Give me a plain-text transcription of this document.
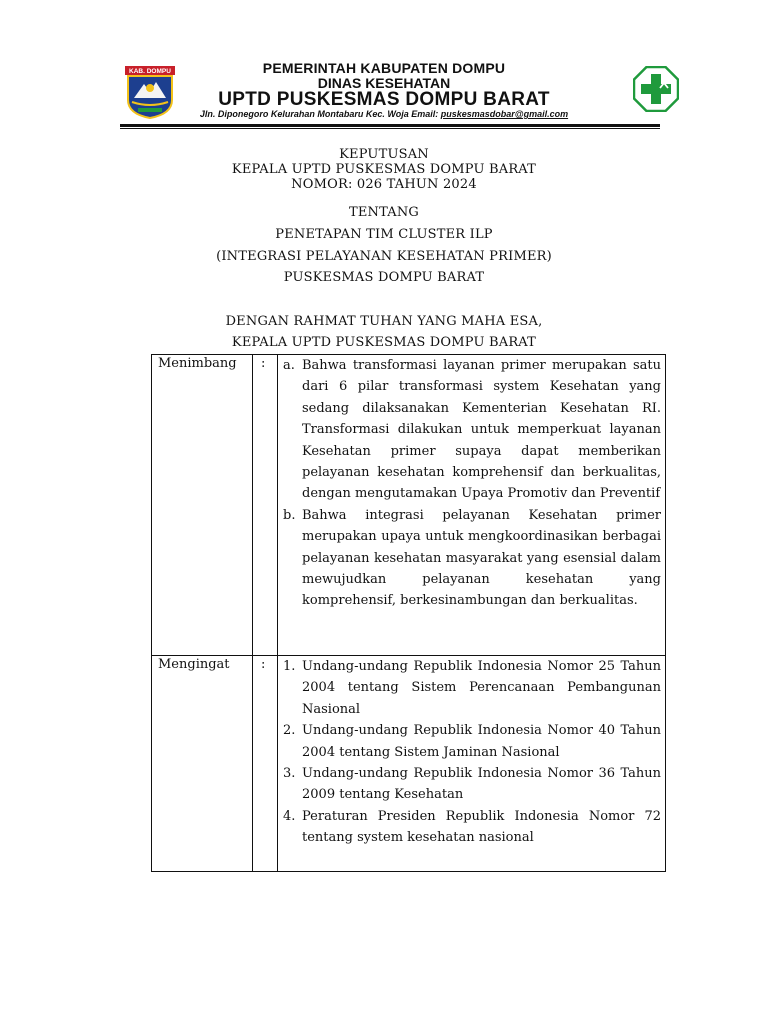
KAB. DOMPU	PEMERINTAH KABUPATEN DOMPU
DINAS KESEHATAN
UPTD PUSKESMAS DOMPU BARAT
Jln. Diponegoro Kelurahan Montabaru Kec. Woja Email: puskesmasdobar@gmail.com
KEPUTUSAN
KEPALA UPTD PUSKESMAS DOMPU BARAT
NOMOR: 026 TAHUN 2024
TENTANG
PENETAPAN TIM CLUSTER ILP
(INTEGRASI PELAYANAN KESEHATAN PRIMER)
PUSKESMAS DOMPU BARAT
DENGAN RAHMAT TUHAN YANG MAHA ESA,
KEPALA UPTD PUSKESMAS DOMPU BARAT
Menimbang : a. Bahwa transformasi layanan primer merupakan satu dari 6 pilar transformasi system Kesehatan yang sedang dilaksanakan Kementerian Kesehatan RI. Transformasi dilakukan untuk memperkuat layanan Kesehatan primer supaya dapat memberikan pelayanan kesehatan komprehensif dan berkualitas, dengan mengutamakan Upaya Promotiv dan Preventif
b. Bahwa integrasi pelayanan Kesehatan primer merupakan upaya untuk mengkoordinasikan berbagai pelayanan kesehatan masyarakat yang esensial dalam mewujudkan pelayanan kesehatan yang komprehensif, berkesinambungan dan berkualitas.
Mengingat : 1. Undang-undang Republik Indonesia Nomor 25 Tahun 2004 tentang Sistem Perencanaan Pembangunan Nasional
2. Undang-undang Republik Indonesia Nomor 40 Tahun 2004 tentang Sistem Jaminan Nasional
3. Undang-undang Republik Indonesia Nomor 36 Tahun 2009 tentang Kesehatan
4. Peraturan Presiden Republik Indonesia Nomor 72 tentang system kesehatan nasional
